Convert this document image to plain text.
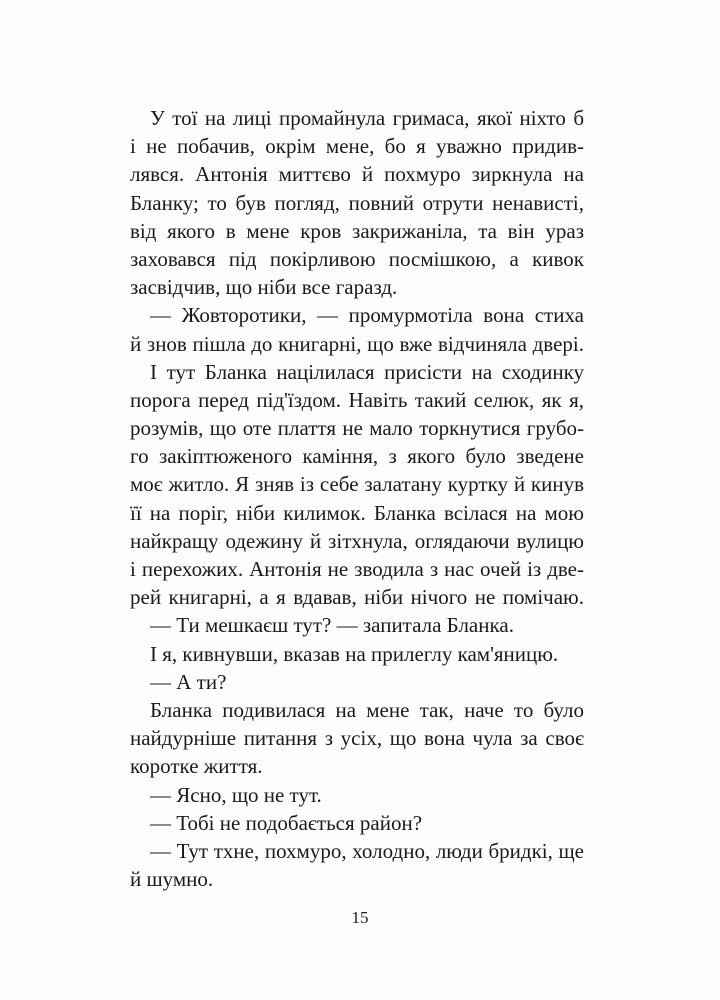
У тої на лиці промайнула гримаса, якої ніхто б
і не побачив, окрім мене, бо я уважно придив-
лявся. Антонія миттєво й похмуро зиркнула на
Бланку; то був погляд, повний отрути ненависті,
від якого в мене кров закрижаніла, та він ураз
заховався під покірливою посмішкою, а кивок
засвідчив, що ніби все гаразд.
— Жовторотики, — промурмотіла вона стиха
й знов пішла до книгарні, що вже відчиняла двері.
І тут Бланка націлилася присісти на сходинку
порога перед під'їздом. Навіть такий селюк, як я,
розумів, що оте плаття не мало торкнутися грубо-
го закіптюженого каміння, з якого було зведене
моє житло. Я зняв із себе залатану куртку й кинув
її на поріг, ніби килимок. Бланка всілася на мою
найкращу одежину й зітхнула, оглядаючи вулицю
і перехожих. Антонія не зводила з нас очей із две-
рей книгарні, а я вдавав, ніби нічого не помічаю.
— Ти мешкаєш тут? — запитала Бланка.
І я, кивнувши, вказав на прилеглу кам'яницю.
— А ти?
Бланка подивилася на мене так, наче то було
найдурніше питання з усіх, що вона чула за своє
коротке життя.
— Ясно, що не тут.
— Тобі не подобається район?
— Тут тхне, похмуро, холодно, люди бридкі, ще
й шумно.
15
